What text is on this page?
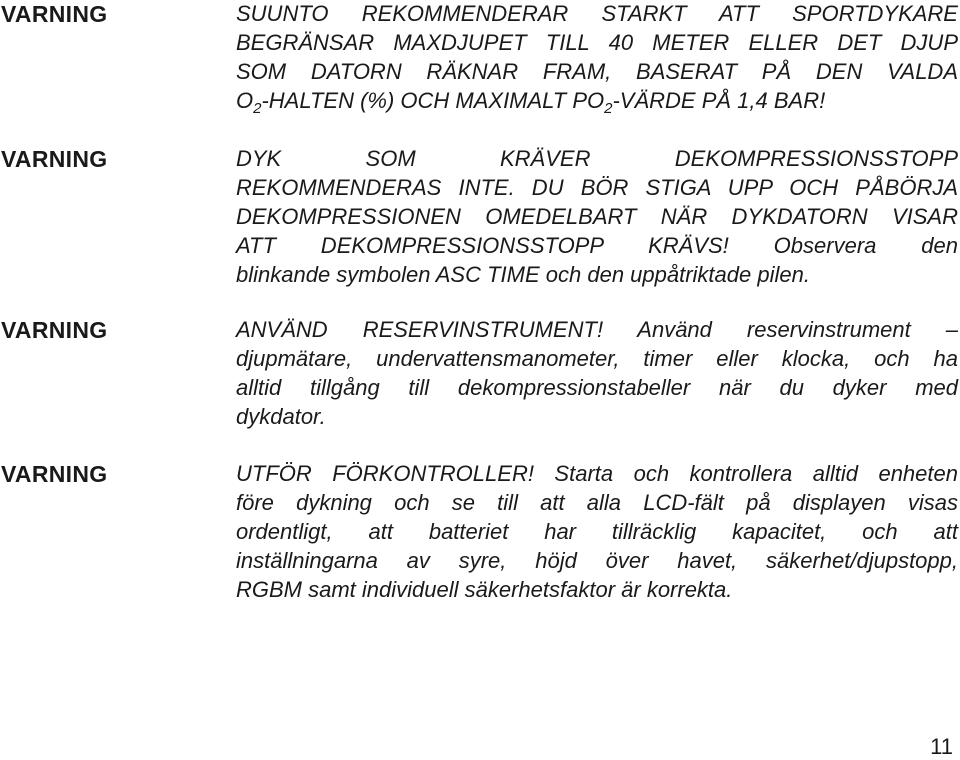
VARNING	SUUNTO REKOMMENDERAR STARKT ATT SPORTDYKARE
BEGRÄNSAR MAXDJUPET TILL 40 METER ELLER DET DJUP
SOM DATORN RÄKNAR FRAM, BASERAT PÅ DEN VALDA
$O_2$-HALTEN (%) OCH MAXIMALT $PO_2$-VÄRDE PÅ 1,4 BAR!
VARNING	DYK SOM KRÄVER DEKOMPRESSIONSSTOPP
REKOMMENDERAS INTE. DU BÖR STIGA UPP OCH PÅBÖRJA
DEKOMPRESSIONEN OMEDELBART NÄR DYKDATORN VISAR
ATT DEKOMPRESSIONSSTOPP KRÄVS! Observera den
blinkande symbolen ASC TIME och den uppåtriktade pilen.
VARNING	ANVÄND RESERVINSTRUMENT! Använd reservinstrument –
djupmätare, undervattensmanometer, timer eller klocka, och ha
alltid tillgång till dekompressionstabeller när du dyker med
dykdator.
VARNING	UTFÖR FÖRKONTROLLER! Starta och kontrollera alltid enheten
före dykning och se till att alla LCD-fält på displayen visas
ordentligt, att batteriet har tillräcklig kapacitet, och att
inställningarna av syre, höjd över havet, säkerhet/djupstopp,
RGBM samt individuell säkerhetsfaktor är korrekta.
11
